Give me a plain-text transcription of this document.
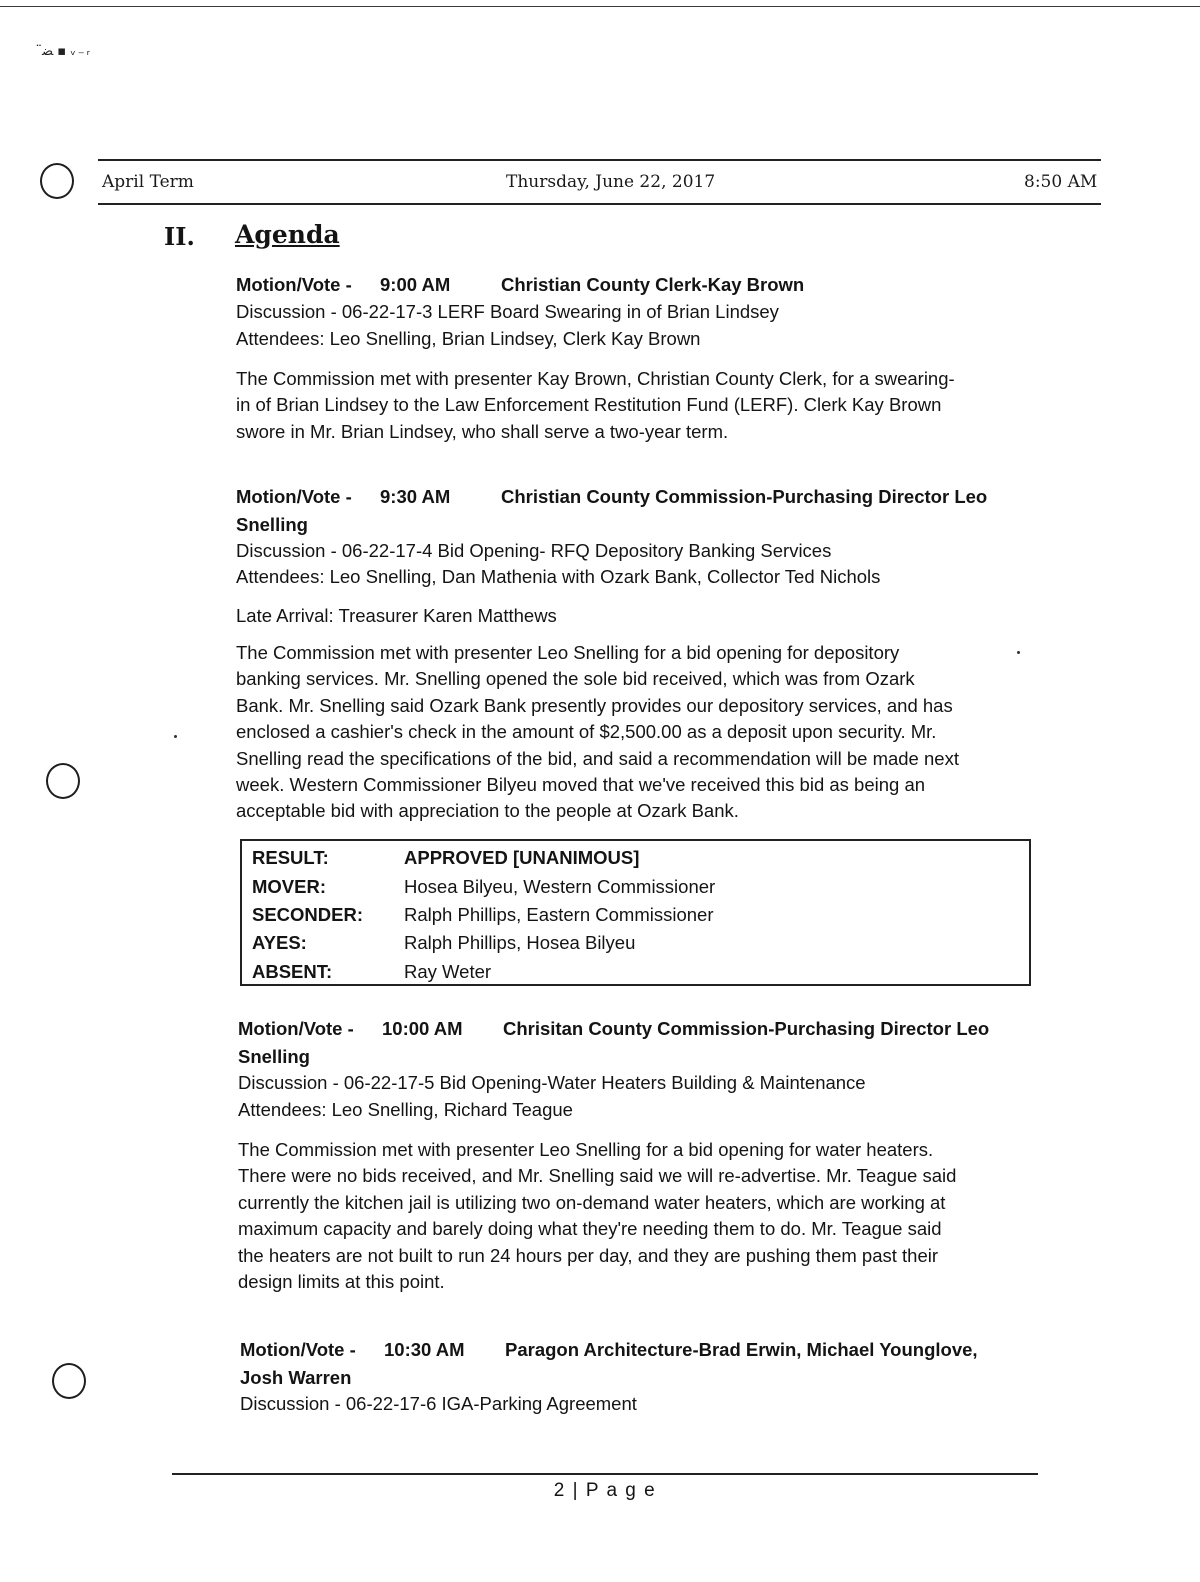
ﻀ̈ ▪ ᵥ₋ᵣ
April Term	Thursday, June 22, 2017	8:50 AM
II. Agenda
Motion/Vote - 9:00 AM	Christian County Clerk-Kay Brown
Discussion - 06-22-17-3 LERF Board Swearing in of Brian Lindsey
Attendees: Leo Snelling, Brian Lindsey, Clerk Kay Brown
The Commission met with presenter Kay Brown, Christian County Clerk, for a swearing-
in of Brian Lindsey to the Law Enforcement Restitution Fund (LERF). Clerk Kay Brown
swore in Mr. Brian Lindsey, who shall serve a two-year term.
Motion/Vote - 9:30 AM	Christian County Commission-Purchasing Director Leo
Snelling
Discussion - 06-22-17-4 Bid Opening- RFQ Depository Banking Services
Attendees: Leo Snelling, Dan Mathenia with Ozark Bank, Collector Ted Nichols
Late Arrival: Treasurer Karen Matthews
The Commission met with presenter Leo Snelling for a bid opening for depository
banking services. Mr. Snelling opened the sole bid received, which was from Ozark
Bank. Mr. Snelling said Ozark Bank presently provides our depository services, and has
enclosed a cashier's check in the amount of $2,500.00 as a deposit upon security. Mr.
Snelling read the specifications of the bid, and said a recommendation will be made next
week. Western Commissioner Bilyeu moved that we've received this bid as being an
acceptable bid with appreciation to the people at Ozark Bank.
RESULT:	APPROVED [UNANIMOUS]
MOVER:	Hosea Bilyeu, Western Commissioner
SECONDER: Ralph Phillips, Eastern Commissioner
AYES:	Ralph Phillips, Hosea Bilyeu
ABSENT:	Ray Weter
Motion/Vote - 10:00 AM Chrisitan County Commission-Purchasing Director Leo
Snelling
Discussion - 06-22-17-5 Bid Opening-Water Heaters Building & Maintenance
Attendees: Leo Snelling, Richard Teague
The Commission met with presenter Leo Snelling for a bid opening for water heaters.
There were no bids received, and Mr. Snelling said we will re-advertise. Mr. Teague said
currently the kitchen jail is utilizing two on-demand water heaters, which are working at
maximum capacity and barely doing what they're needing them to do. Mr. Teague said
the heaters are not built to run 24 hours per day, and they are pushing them past their
design limits at this point.
Motion/Vote - 10:30 AM Paragon Architecture-Brad Erwin, Michael Younglove,
Josh Warren
Discussion - 06-22-17-6 IGA-Parking Agreement
2 | P a g e
